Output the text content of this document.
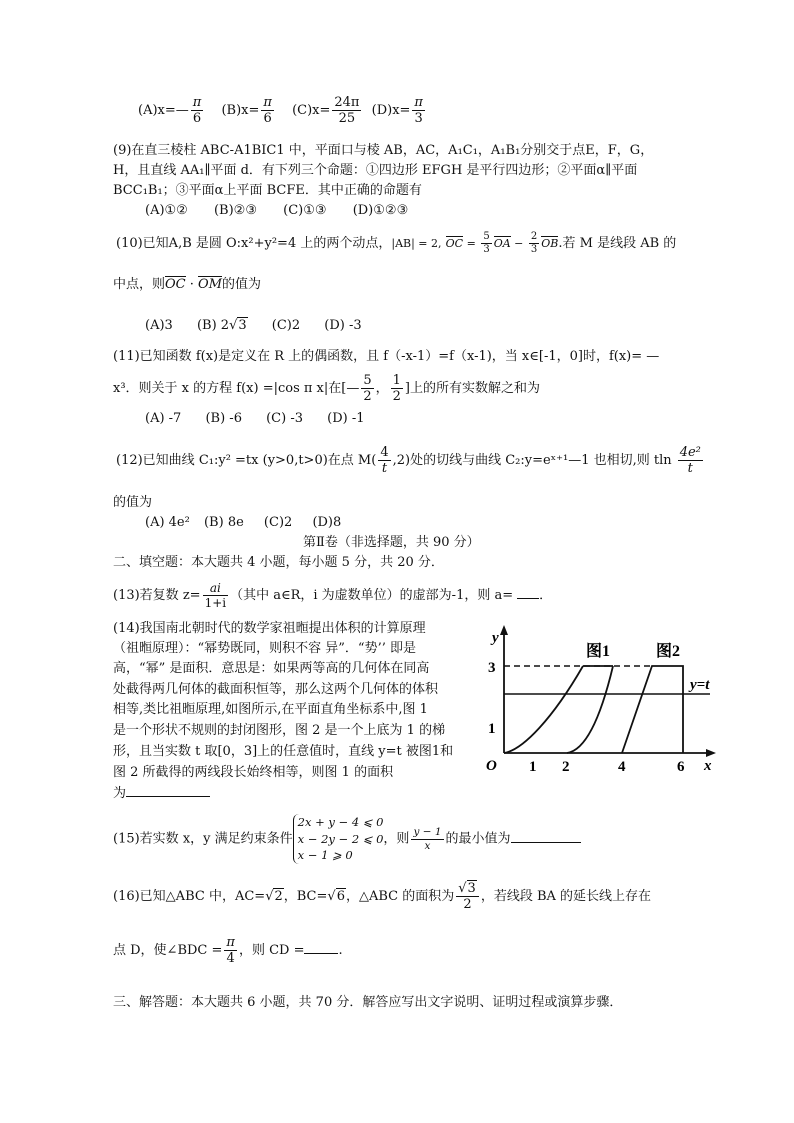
(A)x=— $\frac{\pi}{6} (B)x= \frac{\pi}{6} (C)x= \frac{24\pi}{25} (D)x= \frac{\pi}{3}$
(9)在直三棱柱 ABC-A1BIC1 中，平面口与棱 AB，AC，A₁C₁，A₁B₁分别交于点E，F，G，
H，且直线 AA₁∥平面 d．有下列三个命题：①四边形 EFGH 是平行四边形；②平面α∥平面
BCC₁B₁；③平面α上平面 BCFE．其中正确的命题有
(A)①② (B)②③ (C)①③ (D)①②③
(10)已知A,B 是圆 O:x²+y²=4 上的两个动点，|AB| = 2, OC = $\frac{5}{3}$ OA − $\frac{2}{3}$ OB.若 M 是线段 AB 的
中点，则OC · OM的值为
(A)3 (B) 2√3 (C)2 (D) -3
(11)已知函数 f(x)是定义在 R 上的偶函数，且 f（-x-1）=f（x-1)，当 x∈[-1，0]时，f(x)= —
x³．则关于 x 的方程 f(x) =|cos π x|在[— $\frac{5}{2}$ ， $\frac{1}{2}$ ]上的所有实数解之和为
(A) -7 (B) -6 (C) -3 (D) -1
(12)已知曲线 C₁:y² =tx (y>0,t>0)在点 $M( \frac{4}{t} ,2)$处的切线与曲线 C₂:y=eˣ⁺¹—1 也相切,则 tln $\frac{\text{4e²}}{t}$
的值为
(A) 4e² (B) 8e (C)2 (D)8
第Ⅱ卷（非选择题，共 90 分）
二、填空题：本大题共 4 小题，每小题 5 分，共 20 分．
(13)若复数 $z= \frac{ai}{1+i}$ （其中 a∈R，i 为虚数单位）的虚部为-1，则 a= ．
(14)我国南北朝时代的数学家祖暅提出体积的计算原理
（祖暅原理）：“幂势既同，则积不容 异”．“势’’ 即是
高，“幂” 是面积．意思是：如果两等高的几何体在同高
处截得两几何体的截面积恒等，那么这两个几何体的体积
相等,类比祖暅原理,如图所示,在平面直角坐标系中,图 1
是一个形状不规则的封闭图形，图 2 是一个上底为 1 的梯
形，且当实数 t 取[0，3]上的任意值时，直线 y=t 被图1和
图 2 所截得的两线段长始终相等，则图 1 的面积
为
y
x
O
图1	图2
y=t
3
1
1 2	4	6
(15)若实数 x，y 满足约束条件
2x + y − 4 ⩽ 0
x − 2y − 2 ⩽ 0
x − 1 ⩾ 0
，则 $\frac{y - 1}{x}$ 的最小值为
(16)已知△ABC 中，AC=√2，BC=√6，△ABC 的面积为 $\frac{√3}{2}$ ，若线段 BA 的延长线上存在
点 D，使∠BDC = $\frac{\pi}{4}$ ，则 CD =	.
三、解答题：本大题共 6 小题，共 70 分．解答应写出文字说明、证明过程或演算步骤．
